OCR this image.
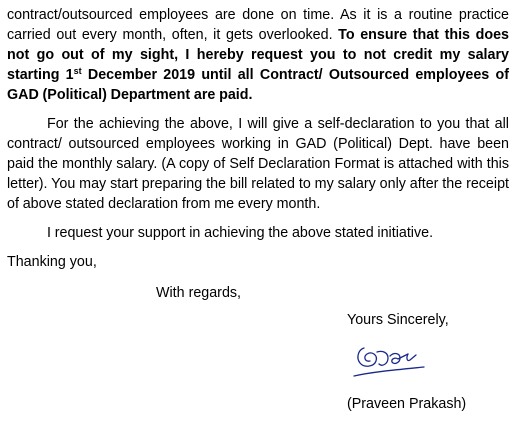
contract/outsourced employees are done on time. As it is a routine practice carried out every month, often, it gets overlooked. To ensure that this does not go out of my sight, I hereby request you to not credit my salary starting 1st December 2019 until all Contract/ Outsourced employees of GAD (Political) Department are paid.

For the achieving the above, I will give a self-declaration to you that all contract/ outsourced employees working in GAD (Political) Dept. have been paid the monthly salary. (A copy of Self Declaration Format is attached with this letter). You may start preparing the bill related to my salary only after the receipt of above stated declaration from me every month.

I request your support in achieving the above stated initiative.

Thanking you,
With regards,
Yours Sincerely,
(Praveen Prakash)
